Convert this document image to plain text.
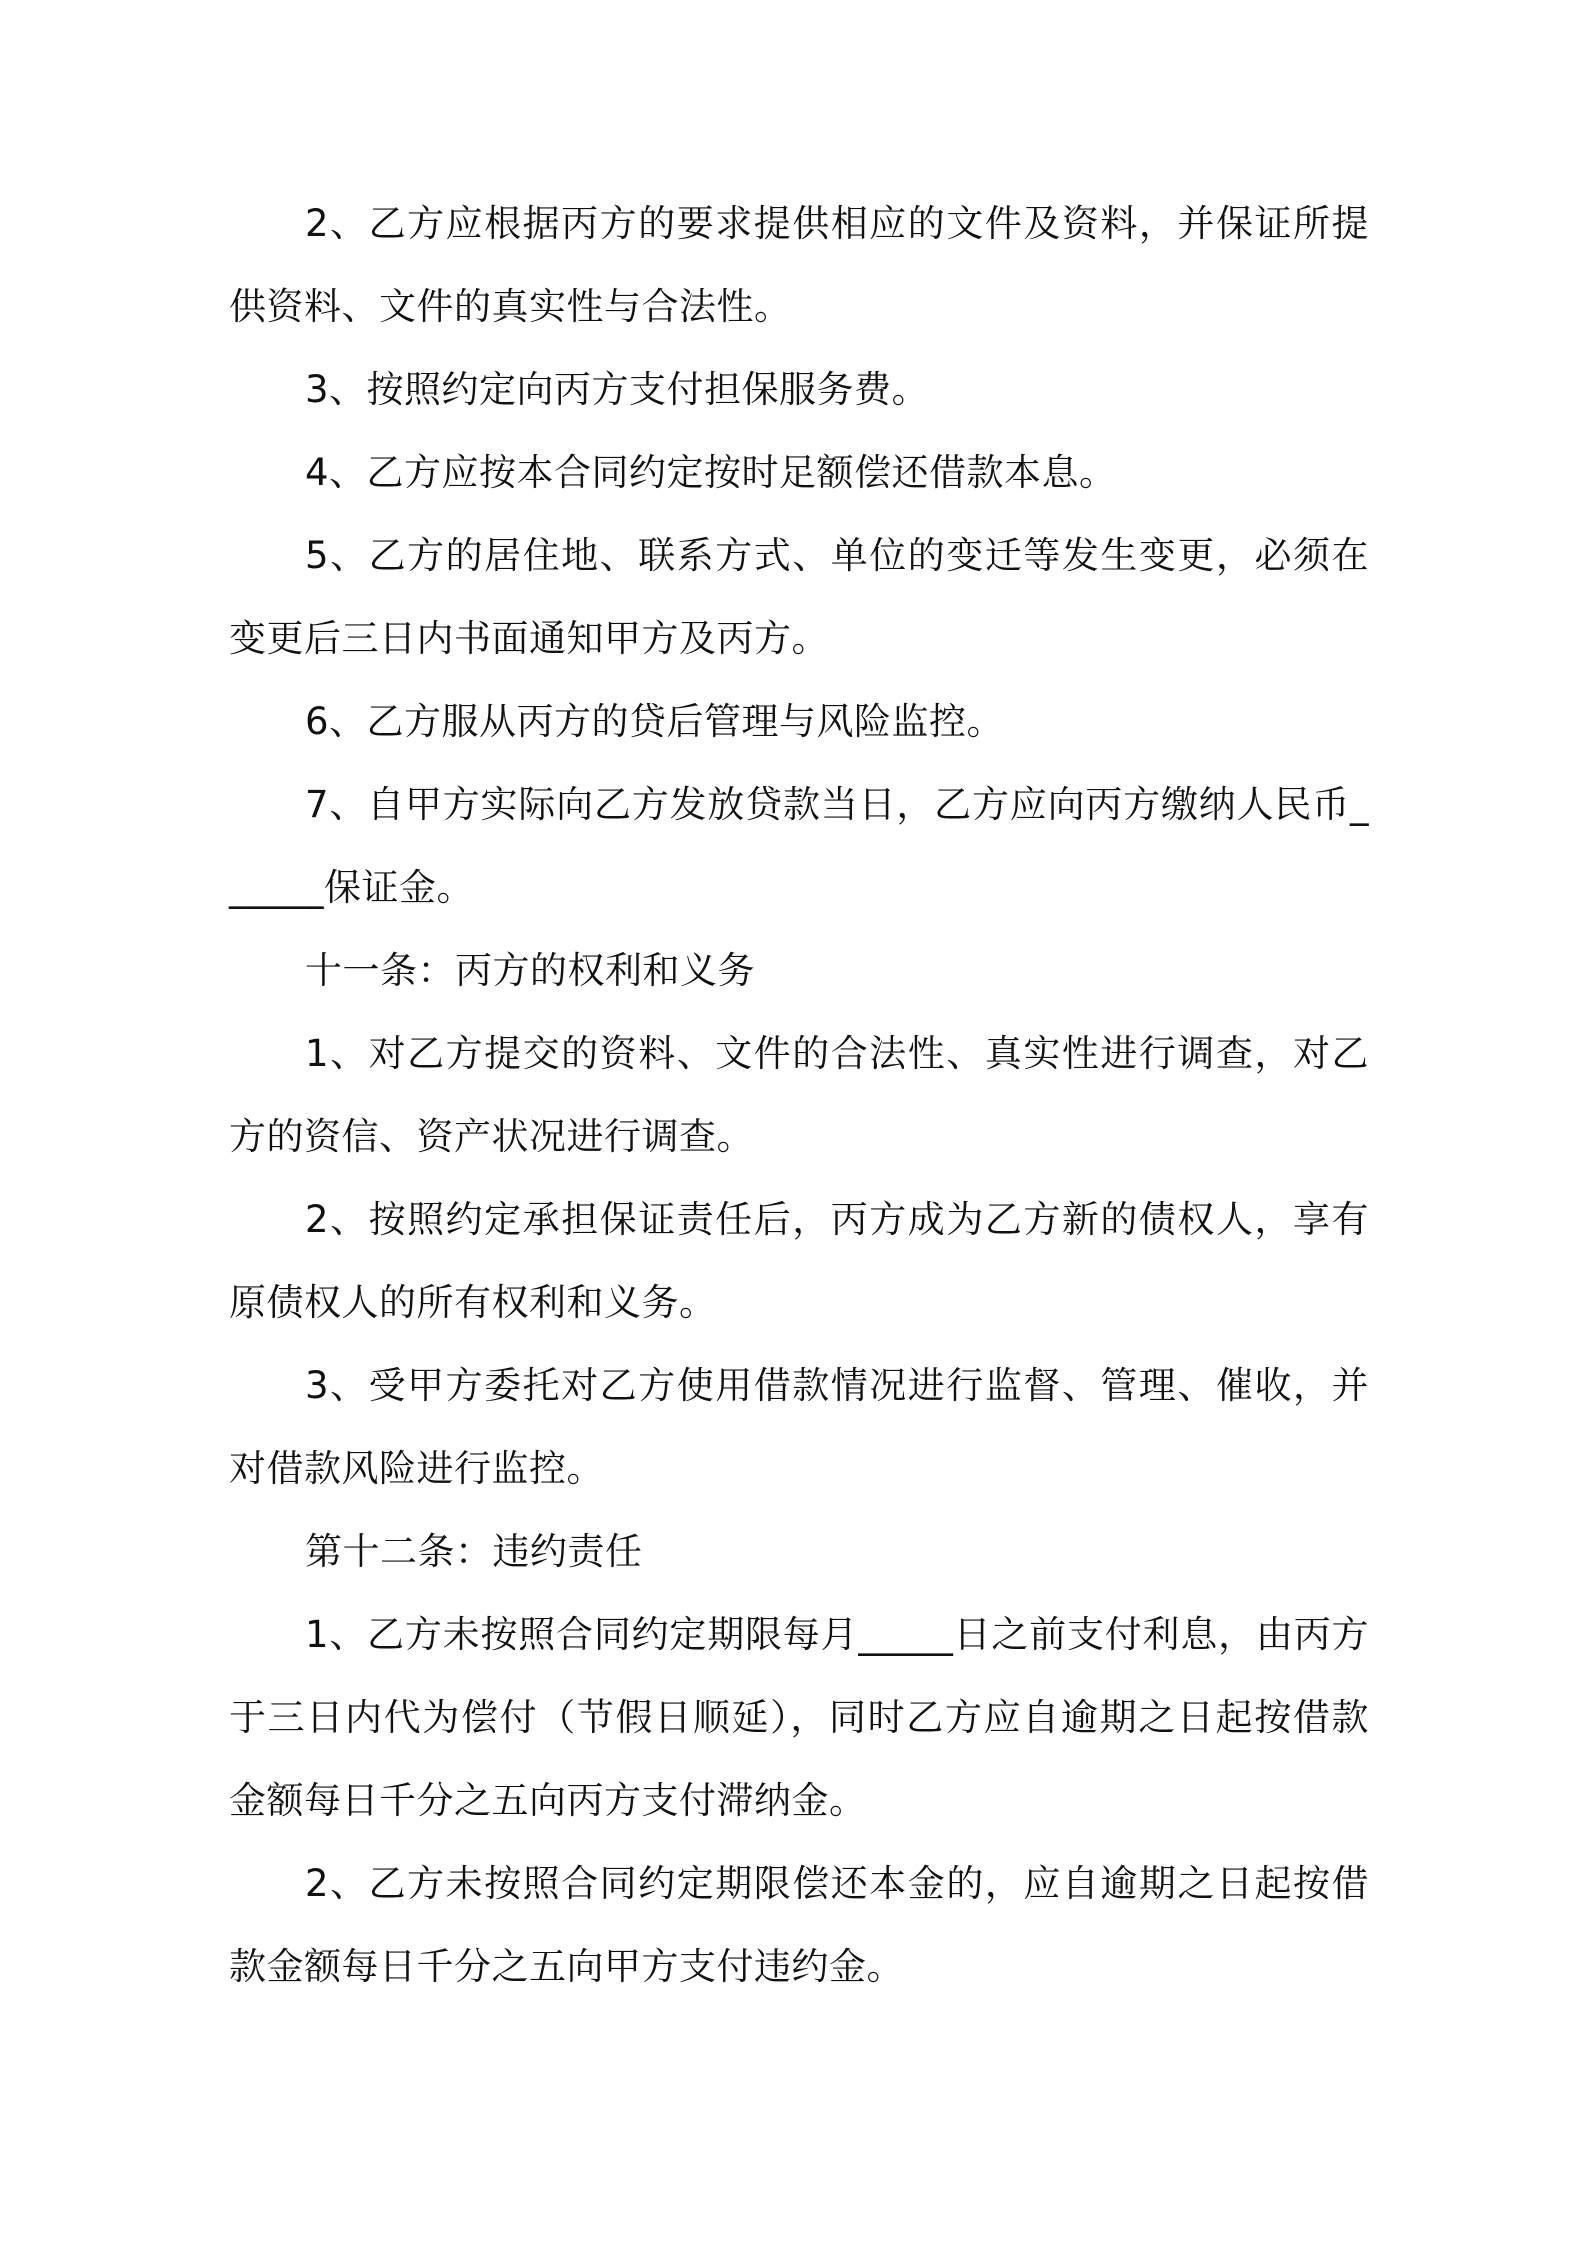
2、乙方应根据丙方的要求提供相应的文件及资料，并保证所提供资料、文件的真实性与合法性。

3、按照约定向丙方支付担保服务费。

4、乙方应按本合同约定按时足额偿还借款本息。

5、乙方的居住地、联系方式、单位的变迁等发生变更，必须在变更后三日内书面通知甲方及丙方。

6、乙方服从丙方的贷后管理与风险监控。

7、自甲方实际向乙方发放贷款当日，乙方应向丙方缴纳人民币______保证金。

十一条：丙方的权利和义务

1、对乙方提交的资料、文件的合法性、真实性进行调查，对乙方的资信、资产状况进行调查。

2、按照约定承担保证责任后，丙方成为乙方新的债权人，享有原债权人的所有权利和义务。

3、受甲方委托对乙方使用借款情况进行监督、管理、催收，并对借款风险进行监控。

第十二条：违约责任

1、乙方未按照合同约定期限每月_____日之前支付利息，由丙方于三日内代为偿付（节假日顺延），同时乙方应自逾期之日起按借款金额每日千分之五向丙方支付滞纳金。

2、乙方未按照合同约定期限偿还本金的，应自逾期之日起按借款金额每日千分之五向甲方支付违约金。
